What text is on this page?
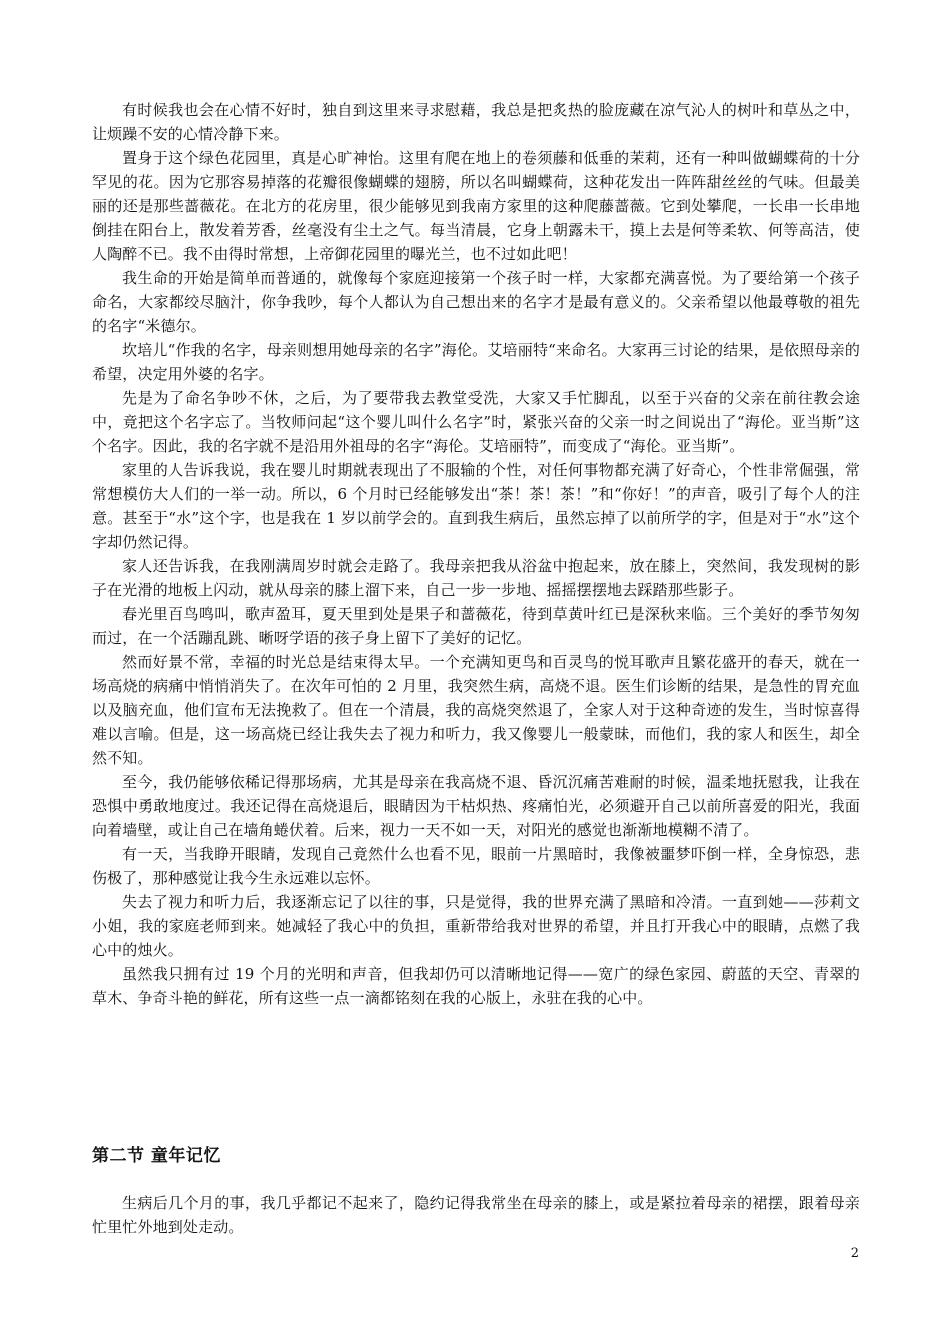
有时候我也会在心情不好时，独自到这里来寻求慰藉，我总是把炙热的脸庞藏在凉气沁人的树叶和草丛之中，让烦躁不安的心情冷静下来。

置身于这个绿色花园里，真是心旷神怡。这里有爬在地上的卷须藤和低垂的茉莉，还有一种叫做蝴蝶荷的十分罕见的花。因为它那容易掉落的花瓣很像蝴蝶的翅膀，所以名叫蝴蝶荷，这种花发出一阵阵甜丝丝的气味。但最美丽的还是那些蔷薇花。在北方的花房里，很少能够见到我南方家里的这种爬藤蔷薇。它到处攀爬，一长串一长串地倒挂在阳台上，散发着芳香，丝毫没有尘土之气。每当清晨，它身上朝露未干，摸上去是何等柔软、何等高洁，使人陶醉不已。我不由得时常想，上帝御花园里的曝光兰，也不过如此吧！

我生命的开始是简单而普通的，就像每个家庭迎接第一个孩子时一样，大家都充满喜悦。为了要给第一个孩子命名，大家都绞尽脑汁，你争我吵，每个人都认为自己想出来的名字才是最有意义的。父亲希望以他最尊敬的祖先的名字“米德尔。

坎培儿“作我的名字，母亲则想用她母亲的名字”海伦。艾培丽特“来命名。大家再三讨论的结果，是依照母亲的希望，决定用外婆的名字。

先是为了命名争吵不休，之后，为了要带我去教堂受洗，大家又手忙脚乱，以至于兴奋的父亲在前往教会途中，竟把这个名字忘了。当牧师问起“这个婴儿叫什么名字”时，紧张兴奋的父亲一时之间说出了“海伦。亚当斯”这个名字。因此，我的名字就不是沿用外祖母的名字“海伦。艾培丽特”，而变成了“海伦。亚当斯”。

家里的人告诉我说，我在婴儿时期就表现出了不服输的个性，对任何事物都充满了好奇心，个性非常倔强，常常想模仿大人们的一举一动。所以，6 个月时已经能够发出“茶！茶！茶！”和“你好！”的声音，吸引了每个人的注意。甚至于“水”这个字，也是我在 1 岁以前学会的。直到我生病后，虽然忘掉了以前所学的字，但是对于“水”这个字却仍然记得。

家人还告诉我，在我刚满周岁时就会走路了。我母亲把我从浴盆中抱起来，放在膝上，突然间，我发现树的影子在光滑的地板上闪动，就从母亲的膝上溜下来，自己一步一步地、摇摇摆摆地去踩踏那些影子。

春光里百鸟鸣叫，歌声盈耳，夏天里到处是果子和蔷薇花，待到草黄叶红已是深秋来临。三个美好的季节匆匆而过，在一个活蹦乱跳、晰呀学语的孩子身上留下了美好的记忆。

然而好景不常，幸福的时光总是结束得太早。一个充满知更鸟和百灵鸟的悦耳歌声且繁花盛开的春天，就在一场高烧的病痛中悄悄消失了。在次年可怕的 2 月里，我突然生病，高烧不退。医生们诊断的结果，是急性的胃充血以及脑充血，他们宣布无法挽救了。但在一个清晨，我的高烧突然退了，全家人对于这种奇迹的发生，当时惊喜得难以言喻。但是，这一场高烧已经让我失去了视力和听力，我又像婴儿一般蒙昧，而他们，我的家人和医生，却全然不知。

至今，我仍能够依稀记得那场病，尤其是母亲在我高烧不退、昏沉沉痛苦难耐的时候，温柔地抚慰我，让我在恐惧中勇敢地度过。我还记得在高烧退后，眼睛因为干枯炽热、疼痛怕光，必须避开自己以前所喜爱的阳光，我面向着墙壁，或让自己在墙角蜷伏着。后来，视力一天不如一天，对阳光的感觉也渐渐地模糊不清了。

有一天，当我睁开眼睛，发现自己竟然什么也看不见，眼前一片黑暗时，我像被噩梦吓倒一样，全身惊恐，悲伤极了，那种感觉让我今生永远难以忘怀。

失去了视力和听力后，我逐渐忘记了以往的事，只是觉得，我的世界充满了黑暗和冷清。一直到她——莎莉文小姐，我的家庭老师到来。她减轻了我心中的负担，重新带给我对世界的希望，并且打开我心中的眼睛，点燃了我心中的烛火。

虽然我只拥有过 19 个月的光明和声音，但我却仍可以清晰地记得——宽广的绿色家园、蔚蓝的天空、青翠的草木、争奇斗艳的鲜花，所有这些一点一滴都铭刻在我的心版上，永驻在我的心中。

第二节 童年记忆

生病后几个月的事，我几乎都记不起来了，隐约记得我常坐在母亲的膝上，或是紧拉着母亲的裙摆，跟着母亲忙里忙外地到处走动。

2
